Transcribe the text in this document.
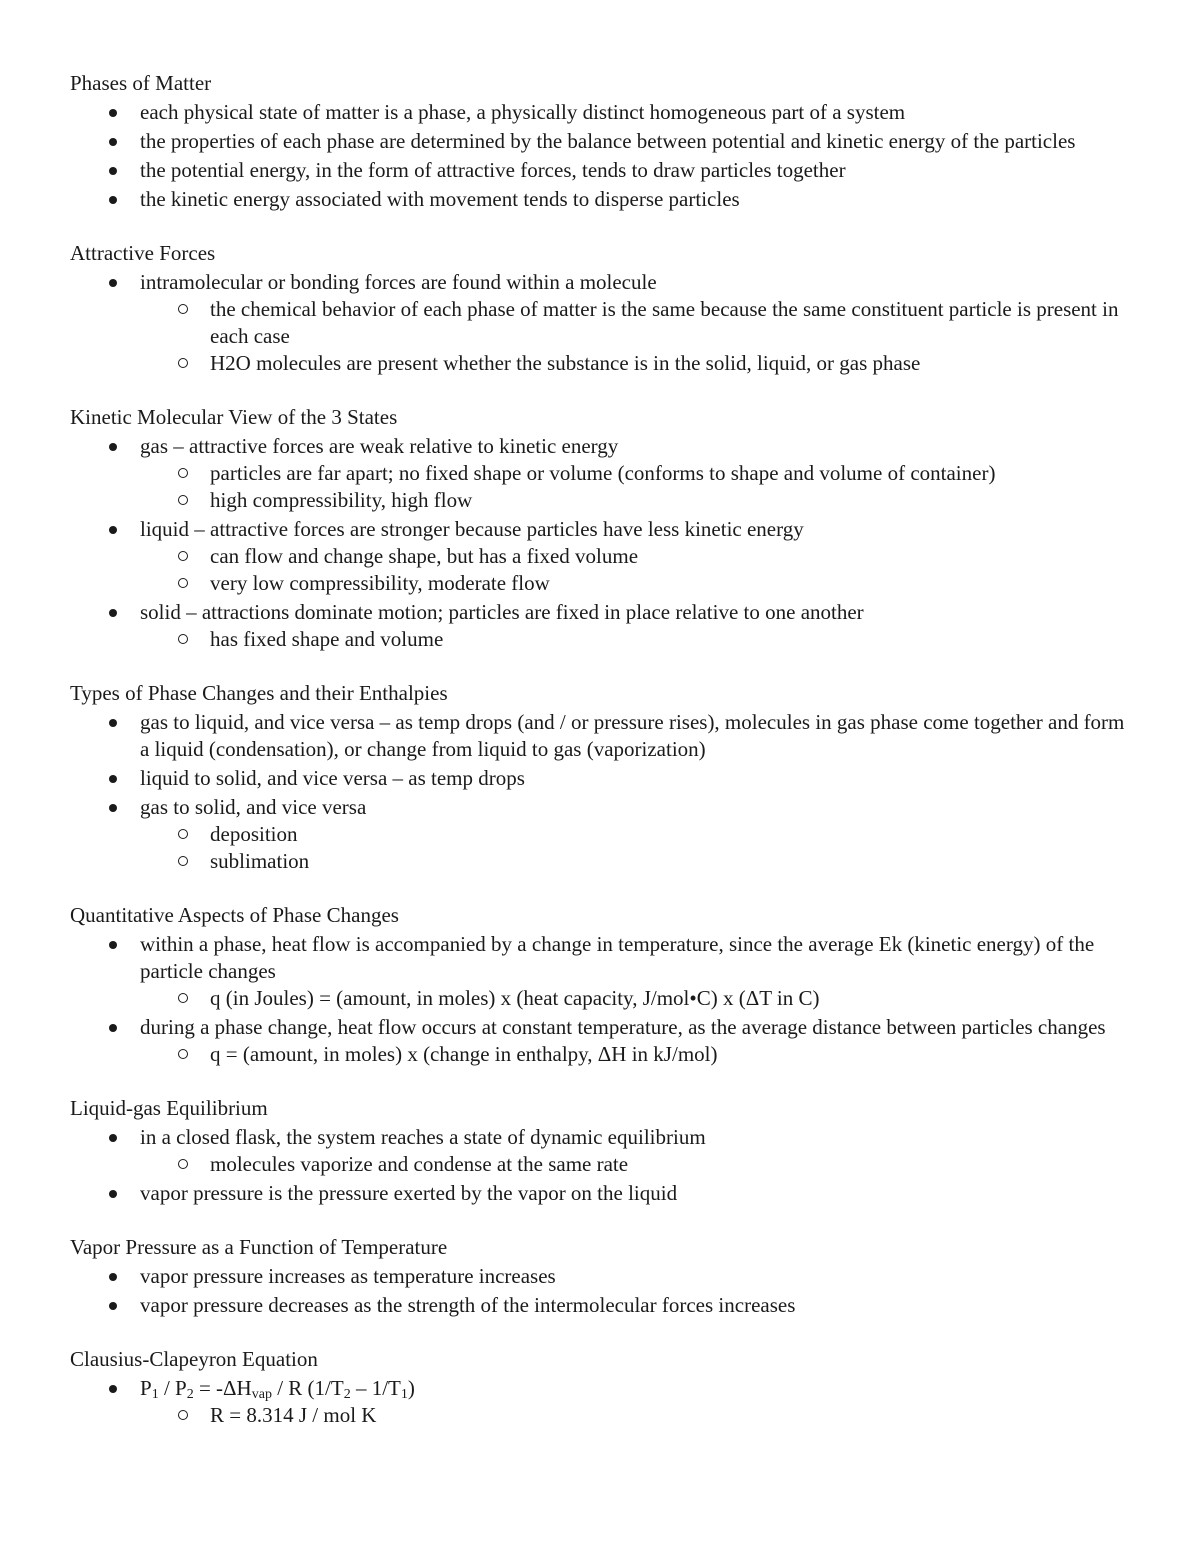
Phases of Matter
each physical state of matter is a phase, a physically distinct homogeneous part of a system
the properties of each phase are determined by the balance between potential and kinetic energy of the particles
the potential energy, in the form of attractive forces, tends to draw particles together
the kinetic energy associated with movement tends to disperse particles
Attractive Forces
intramolecular or bonding forces are found within a molecule
the chemical behavior of each phase of matter is the same because the same constituent particle is present in each case
H2O molecules are present whether the substance is in the solid, liquid, or gas phase
Kinetic Molecular View of the 3 States
gas – attractive forces are weak relative to kinetic energy
particles are far apart; no fixed shape or volume (conforms to shape and volume of container)
high compressibility, high flow
liquid – attractive forces are stronger because particles have less kinetic energy
can flow and change shape, but has a fixed volume
very low compressibility, moderate flow
solid – attractions dominate motion; particles are fixed in place relative to one another
has fixed shape and volume
Types of Phase Changes and their Enthalpies
gas to liquid, and vice versa – as temp drops (and / or pressure rises), molecules in gas phase come together and form a liquid (condensation), or change from liquid to gas (vaporization)
liquid to solid, and vice versa – as temp drops
gas to solid, and vice versa
deposition
sublimation
Quantitative Aspects of Phase Changes
within a phase, heat flow is accompanied by a change in temperature, since the average Ek (kinetic energy) of the particle changes
q (in Joules) = (amount, in moles) x (heat capacity, J/mol•C) x (ΔT in C)
during a phase change, heat flow occurs at constant temperature, as the average distance between particles changes
q = (amount, in moles) x (change in enthalpy, ΔH in kJ/mol)
Liquid-gas Equilibrium
in a closed flask, the system reaches a state of dynamic equilibrium
molecules vaporize and condense at the same rate
vapor pressure is the pressure exerted by the vapor on the liquid
Vapor Pressure as a Function of Temperature
vapor pressure increases as temperature increases
vapor pressure decreases as the strength of the intermolecular forces increases
Clausius-Clapeyron Equation
$P_1 / P_2 = -\Delta H_{vap} / R$ $(1/T_2 - 1/T_1)$
R = 8.314 J / mol K
